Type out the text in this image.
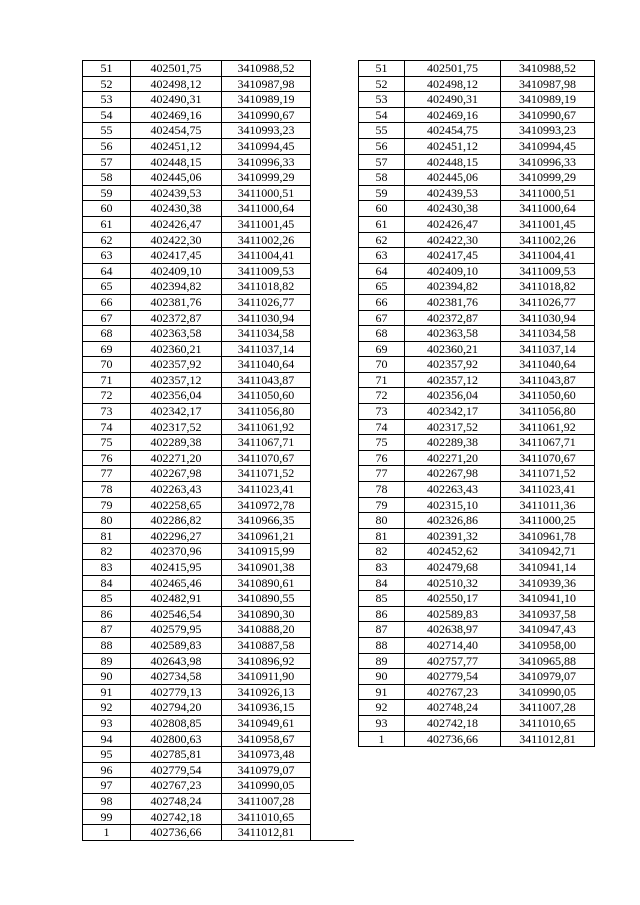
51	402501,75	3410988,52	
52	402498,12	3410987,98	
53	402490,31	3410989,19	
54	402469,16	3410990,67	
55	402454,75	3410993,23	
56	402451,12	3410994,45	
57	402448,15	3410996,33	
58	402445,06	3410999,29	
59	402439,53	3411000,51	
60	402430,38	3411000,64	
61	402426,47	3411001,45	
62	402422,30	3411002,26	
63	402417,45	3411004,41	
64	402409,10	3411009,53	
65	402394,82	3411018,82	
66	402381,76	3411026,77	
67	402372,87	3411030,94	
68	402363,58	3411034,58	
69	402360,21	3411037,14	
70	402357,92	3411040,64	
71	402357,12	3411043,87	
72	402356,04	3411050,60	
73	402342,17	3411056,80	
74	402317,52	3411061,92	
75	402289,38	3411067,71	
76	402271,20	3411070,67	
77	402267,98	3411071,52	
78	402263,43	3411023,41	
79	402258,65	3410972,78	
80	402286,82	3410966,35	
81	402296,27	3410961,21	
82	402370,96	3410915,99	
83	402415,95	3410901,38	
84	402465,46	3410890,61	
85	402482,91	3410890,55	
86	402546,54	3410890,30	
87	402579,95	3410888,20	
88	402589,83	3410887,58	
89	402643,98	3410896,92	
90	402734,58	3410911,90	
91	402779,13	3410926,13	
92	402794,20	3410936,15	
93	402808,85	3410949,61	
94	402800,63	3410958,67	
95	402785,81	3410973,48	
96	402779,54	3410979,07	
97	402767,23	3410990,05	
98	402748,24	3411007,28	
99	402742,18	3411010,65	
1	402736,66	3411012,81	
51	402501,75	3410988,52
52	402498,12	3410987,98
53	402490,31	3410989,19
54	402469,16	3410990,67
55	402454,75	3410993,23
56	402451,12	3410994,45
57	402448,15	3410996,33
58	402445,06	3410999,29
59	402439,53	3411000,51
60	402430,38	3411000,64
61	402426,47	3411001,45
62	402422,30	3411002,26
63	402417,45	3411004,41
64	402409,10	3411009,53
65	402394,82	3411018,82
66	402381,76	3411026,77
67	402372,87	3411030,94
68	402363,58	3411034,58
69	402360,21	3411037,14
70	402357,92	3411040,64
71	402357,12	3411043,87
72	402356,04	3411050,60
73	402342,17	3411056,80
74	402317,52	3411061,92
75	402289,38	3411067,71
76	402271,20	3411070,67
77	402267,98	3411071,52
78	402263,43	3411023,41
79	402315,10	3411011,36
80	402326,86	3411000,25
81	402391,32	3410961,78
82	402452,62	3410942,71
83	402479,68	3410941,14
84	402510,32	3410939,36
85	402550,17	3410941,10
86	402589,83	3410937,58
87	402638,97	3410947,43
88	402714,40	3410958,00
89	402757,77	3410965,88
90	402779,54	3410979,07
91	402767,23	3410990,05
92	402748,24	3411007,28
93	402742,18	3411010,65
1	402736,66	3411012,81
